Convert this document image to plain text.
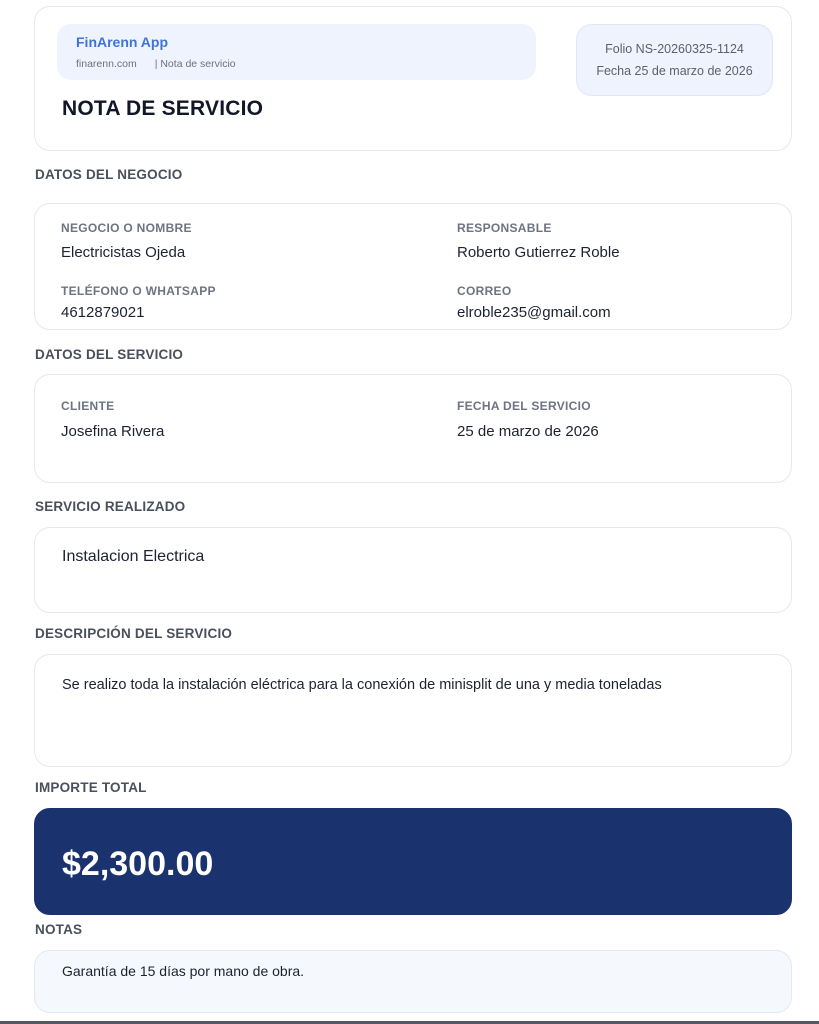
FinArenn App
finarenn.com | Nota de servicio
NOTA DE SERVICIO
Folio NS-20260325-1124
Fecha 25 de marzo de 2026
DATOS DEL NEGOCIO
NEGOCIO O NOMBRE
Electricistas Ojeda
RESPONSABLE
Roberto Gutierrez Roble
TELÉFONO O WHATSAPP
4612879021
CORREO
elroble235@gmail.com
DATOS DEL SERVICIO
CLIENTE
Josefina Rivera
FECHA DEL SERVICIO
25 de marzo de 2026
SERVICIO REALIZADO
Instalacion Electrica
DESCRIPCIÓN DEL SERVICIO
Se realizo toda la instalación eléctrica para la conexión de minisplit de una y media toneladas
IMPORTE TOTAL
$2,300.00
NOTAS
Garantía de 15 días por mano de obra.
